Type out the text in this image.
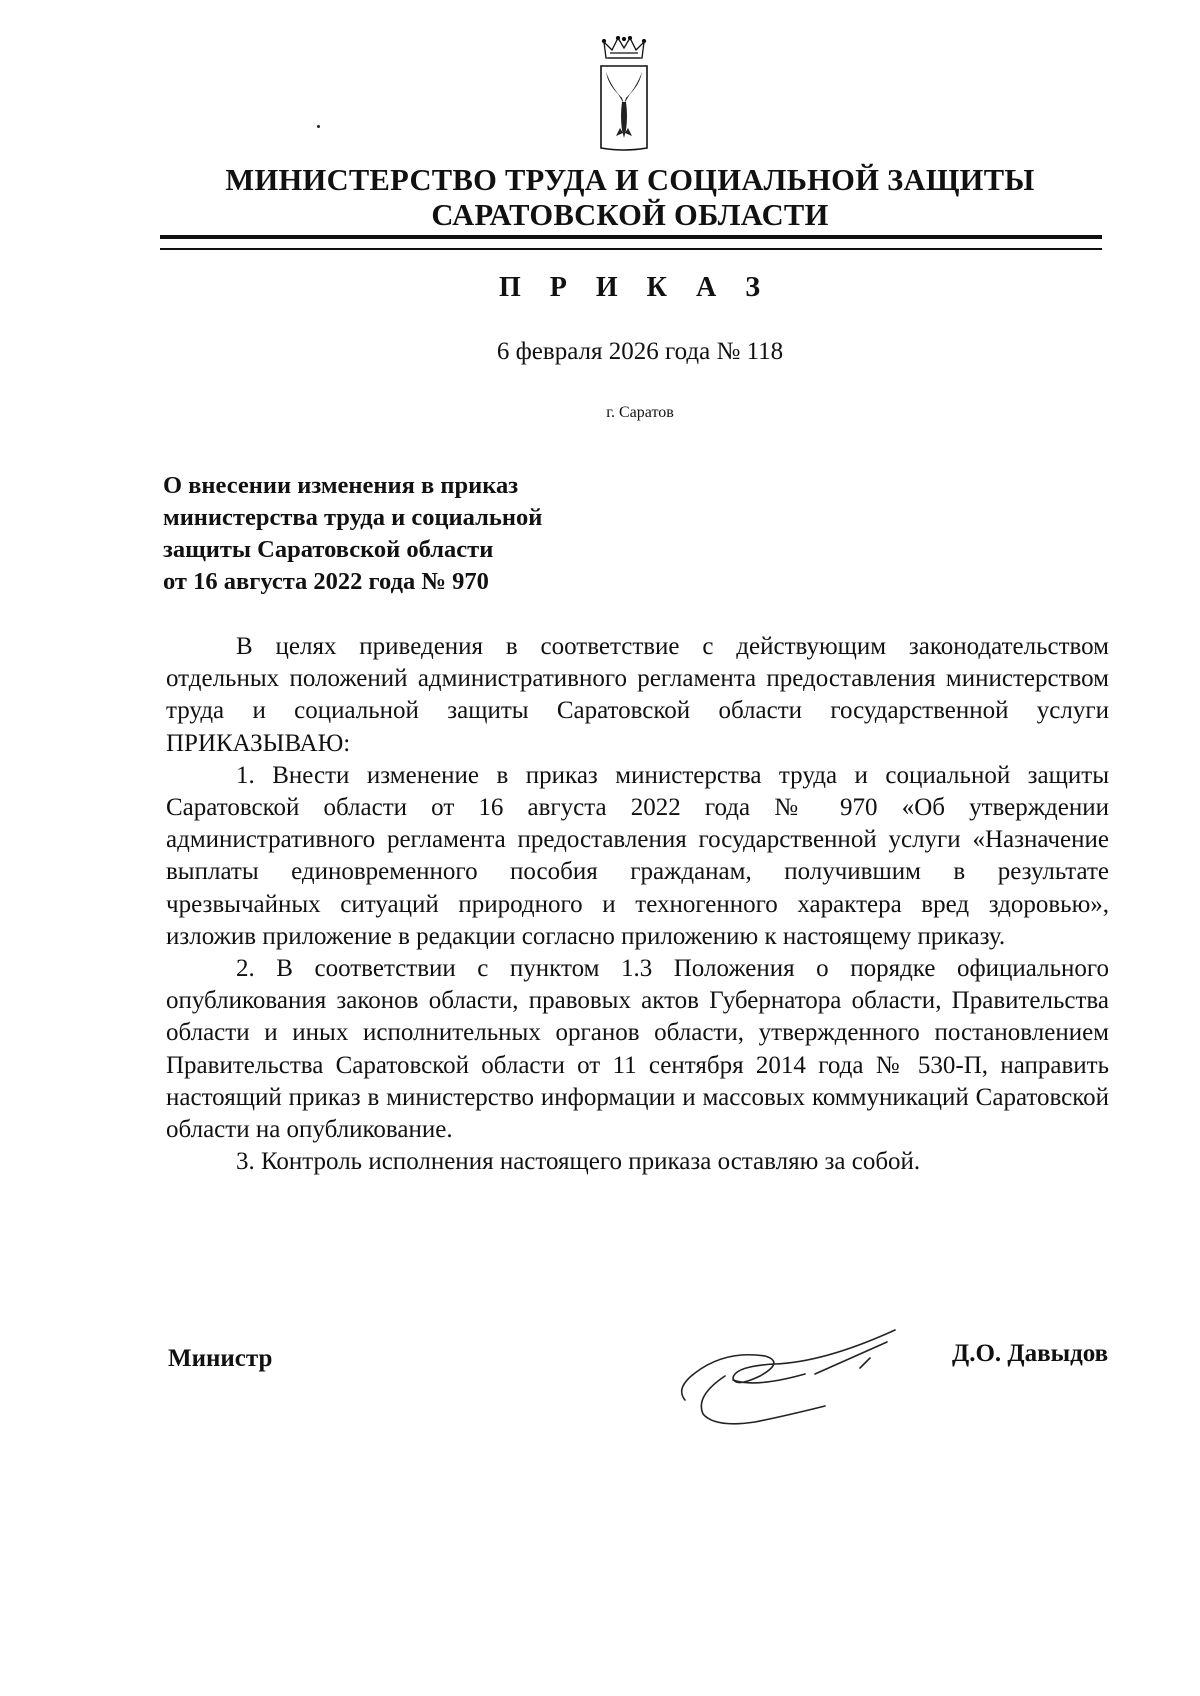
МИНИСТЕРСТВО ТРУДА И СОЦИАЛЬНОЙ ЗАЩИТЫ
САРАТОВСКОЙ ОБЛАСТИ
П Р И К А З
6 февраля 2026 года № 118
г. Саратов
О внесении изменения в приказ
министерства труда и социальной
защиты Саратовской области
от 16 августа 2022 года № 970

В целях приведения в соответствие с действующим законодательством отдельных положений административного регламента предоставления министерством труда и социальной защиты Саратовской области государственной услуги ПРИКАЗЫВАЮ:

1. Внести изменение в приказ министерства труда и социальной защиты Саратовской области от 16 августа 2022 года № 970 «Об утверждении административного регламента предоставления государственной услуги «Назначение выплаты единовременного пособия гражданам, получившим в результате чрезвычайных ситуаций природного и техногенного характера вред здоровью», изложив приложение в редакции согласно приложению к настоящему приказу.

2. В соответствии с пунктом 1.3 Положения о порядке официального опубликования законов области, правовых актов Губернатора области, Правительства области и иных исполнительных органов области, утвержденного постановлением Правительства Саратовской области от 11 сентября 2014 года № 530-П, направить настоящий приказ в министерство информации и массовых коммуникаций Саратовской области на опубликование.

3. Контроль исполнения настоящего приказа оставляю за собой.

Министр	Д.О. Давыдов
